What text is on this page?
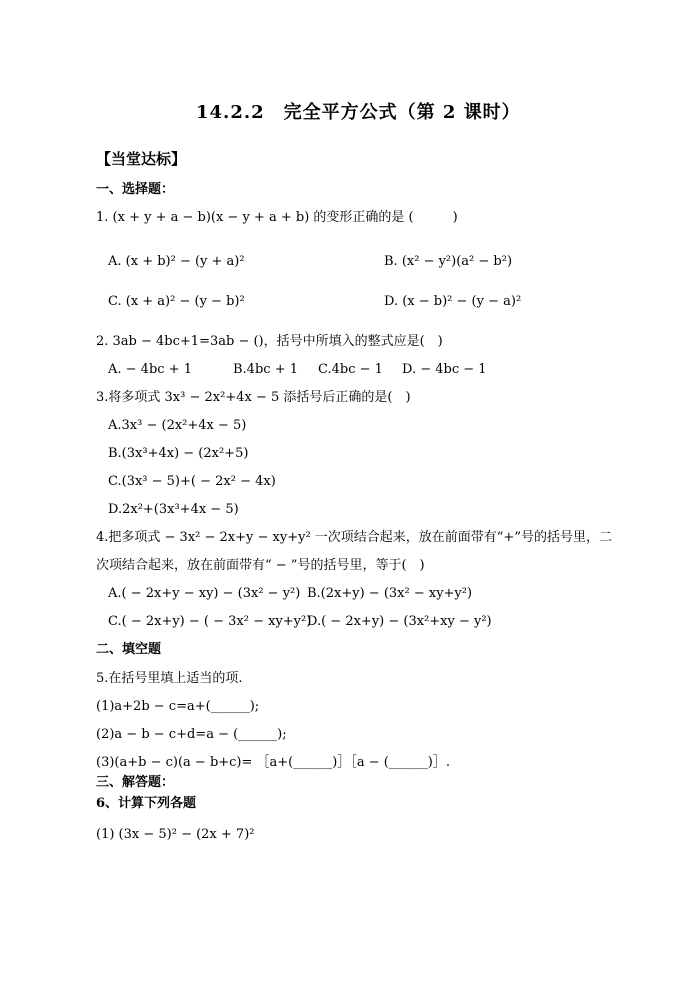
14.2.2　完全平方公式（第 2 课时）
【当堂达标】
一、选择题：
1. (x + y + a − b)(x − y + a + b) 的变形正确的是 (　　　)
A. (x + b)² − (y + a)²	B. (x² − y²)(a² − b²)
C. (x + a)² − (y − b)²	D. (x − b)² − (y − a)²
2. 3ab − 4bc+1=3ab − ()，括号中所填入的整式应是(　)
A. − 4bc + 1	B.4bc + 1 C.4bc − 1 D. − 4bc − 1
3.将多项式 3x³ − 2x²+4x − 5 添括号后正确的是(　)
A.3x³ − (2x²+4x − 5)
B.(3x³+4x) − (2x²+5)
C.(3x³ − 5)+( − 2x² − 4x)
D.2x²+(3x³+4x − 5)
4.把多项式 − 3x² − 2x+y − xy+y² 一次项结合起来，放在前面带有“+”号的括号里，二
次项结合起来，放在前面带有“ − ”号的括号里，等于(　)
A.( − 2x+y − xy) − (3x² − y²) B.(2x+y) − (3x² − xy+y²)
C.( − 2x+y) − ( − 3x² − xy+y²)
D.( − 2x+y) − (3x²+xy − y²)
二、填空题
5.在括号里填上适当的项.
(1)a+2b − c=a+(______);
(2)a − b − c+d=a − (______);
(3)(a+b − c)(a − b+c)= ［a+(______)］［a − (______)］.
三、解答题：
6、计算下列各题
(1) (3x − 5)² − (2x + 7)²
